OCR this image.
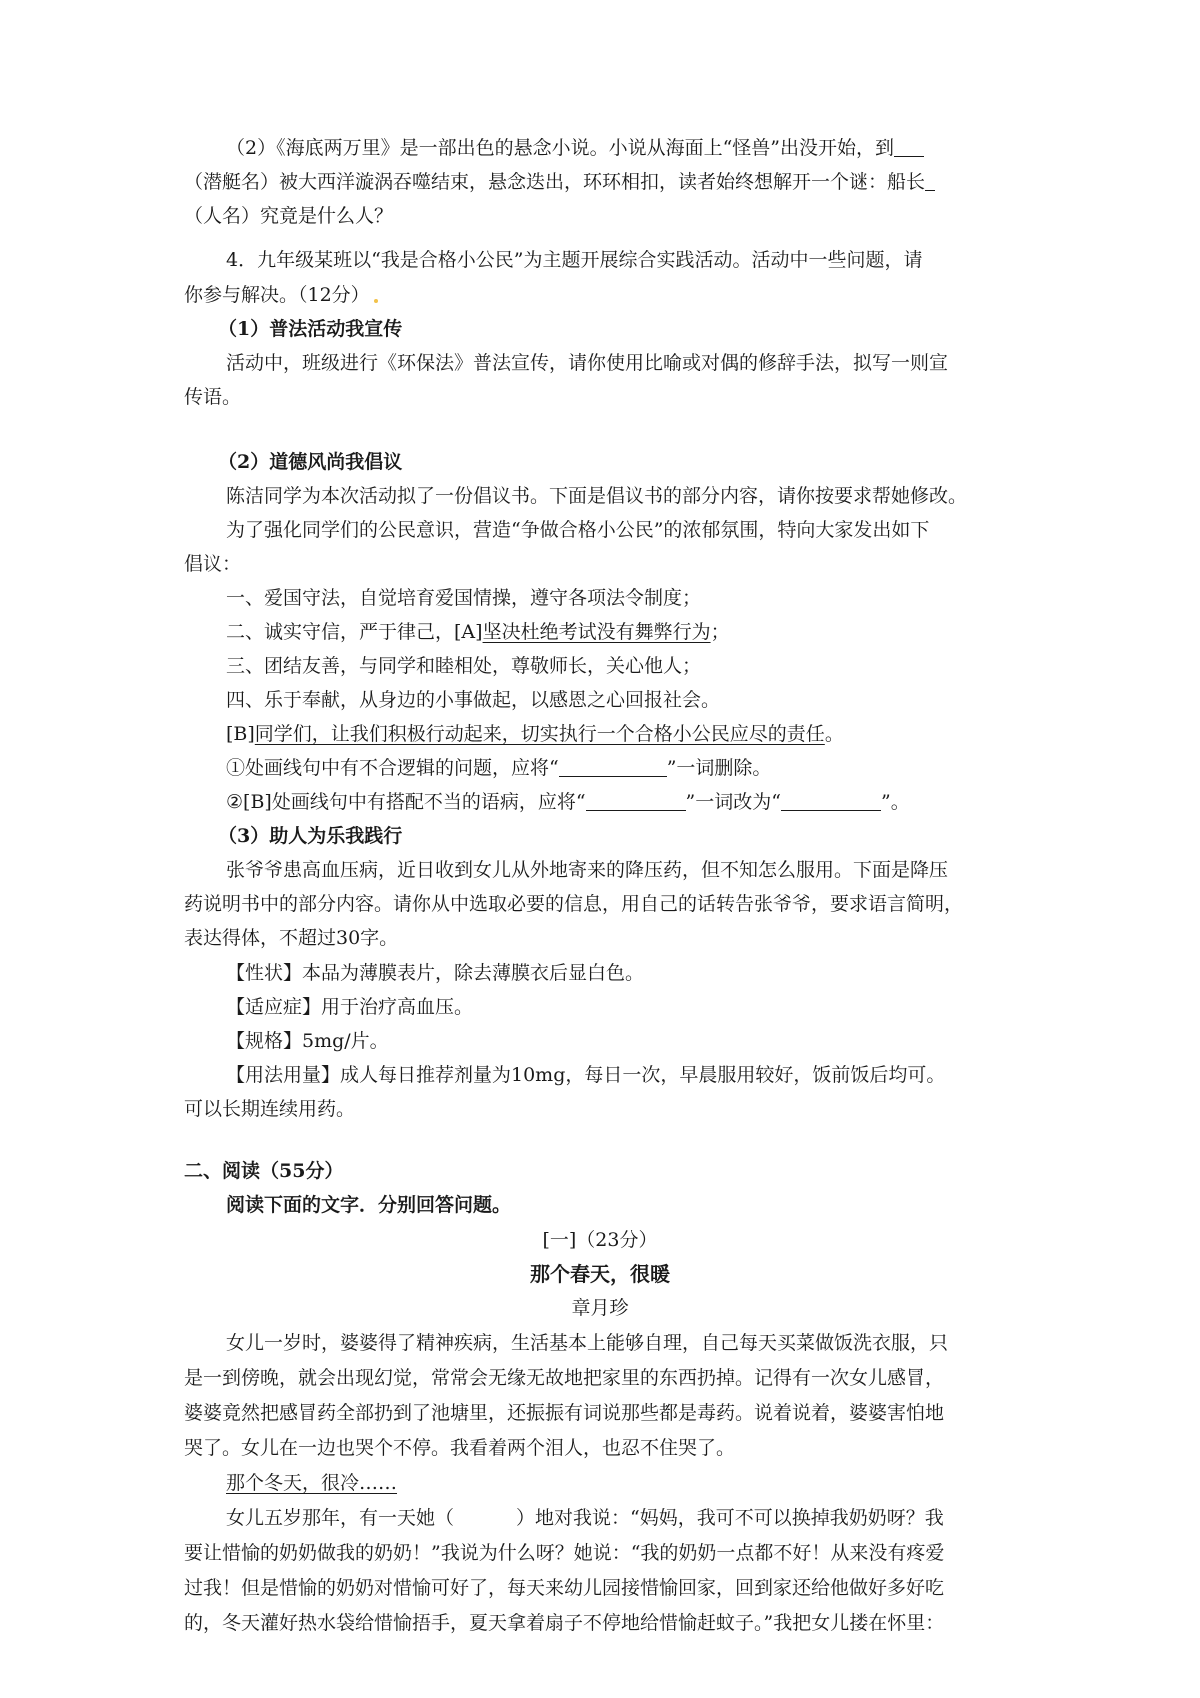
（2）《海底两万里》是一部出色的悬念小说。小说从海面上“怪兽”出没开始，到
（潜艇名）被大西洋漩涡吞噬结束，悬念迭出，环环相扣，读者始终想解开一个谜：船长
（人名）究竟是什么人？
4．九年级某班以“我是合格小公民”为主题开展综合实践活动。活动中一些问题，请
你参与解决。（12分）
（1）普法活动我宣传
活动中，班级进行《环保法》普法宣传，请你使用比喻或对偶的修辞手法，拟写一则宣
传语。
（2）道德风尚我倡议
陈洁同学为本次活动拟了一份倡议书。下面是倡议书的部分内容，请你按要求帮她修改。
为了强化同学们的公民意识，营造“争做合格小公民”的浓郁氛围，特向大家发出如下
倡议：
一、爱国守法，自觉培育爱国情操，遵守各项法令制度；
二、诚实守信，严于律己，[A]坚决杜绝考试没有舞弊行为；
三、团结友善，与同学和睦相处，尊敬师长，关心他人；
四、乐于奉献，从身边的小事做起，以感恩之心回报社会。
[B]同学们，让我们积极行动起来，切实执行一个合格小公民应尽的责任。
①处画线句中有不合逻辑的问题，应将“	”一词删除。
②[B]处画线句中有搭配不当的语病，应将“	”一词改为“	”。
（3）助人为乐我践行
张爷爷患高血压病，近日收到女儿从外地寄来的降压药，但不知怎么服用。下面是降压
药说明书中的部分内容。请你从中选取必要的信息，用自己的话转告张爷爷，要求语言简明，
表达得体，不超过30字。
【性状】本品为薄膜表片，除去薄膜衣后显白色。
【适应症】用于治疗高血压。
【规格】5mg/片。
【用法用量】成人每日推荐剂量为10mg，每日一次，早晨服用较好，饭前饭后均可。
可以长期连续用药。
二、阅读（55分）
阅读下面的文字．分别回答问题。
[一]（23分）
那个春天，很暖
章月珍
女儿一岁时，婆婆得了精神疾病，生活基本上能够自理，自己每天买菜做饭洗衣服，只
是一到傍晚，就会出现幻觉，常常会无缘无故地把家里的东西扔掉。记得有一次女儿感冒，
婆婆竟然把感冒药全部扔到了池塘里，还振振有词说那些都是毒药。说着说着，婆婆害怕地
哭了。女儿在一边也哭个不停。我看着两个泪人，也忍不住哭了。
那个冬天，很冷……
女儿五岁那年，有一天她（	）地对我说：“妈妈，我可不可以换掉我奶奶呀？我
要让惜愉的奶奶做我的奶奶！”我说为什么呀？她说：“我的奶奶一点都不好！从来没有疼爱
过我！但是惜愉的奶奶对惜愉可好了，每天来幼儿园接惜愉回家，回到家还给他做好多好吃
的，冬天灌好热水袋给惜愉捂手，夏天拿着扇子不停地给惜愉赶蚊子。”我把女儿搂在怀里：
